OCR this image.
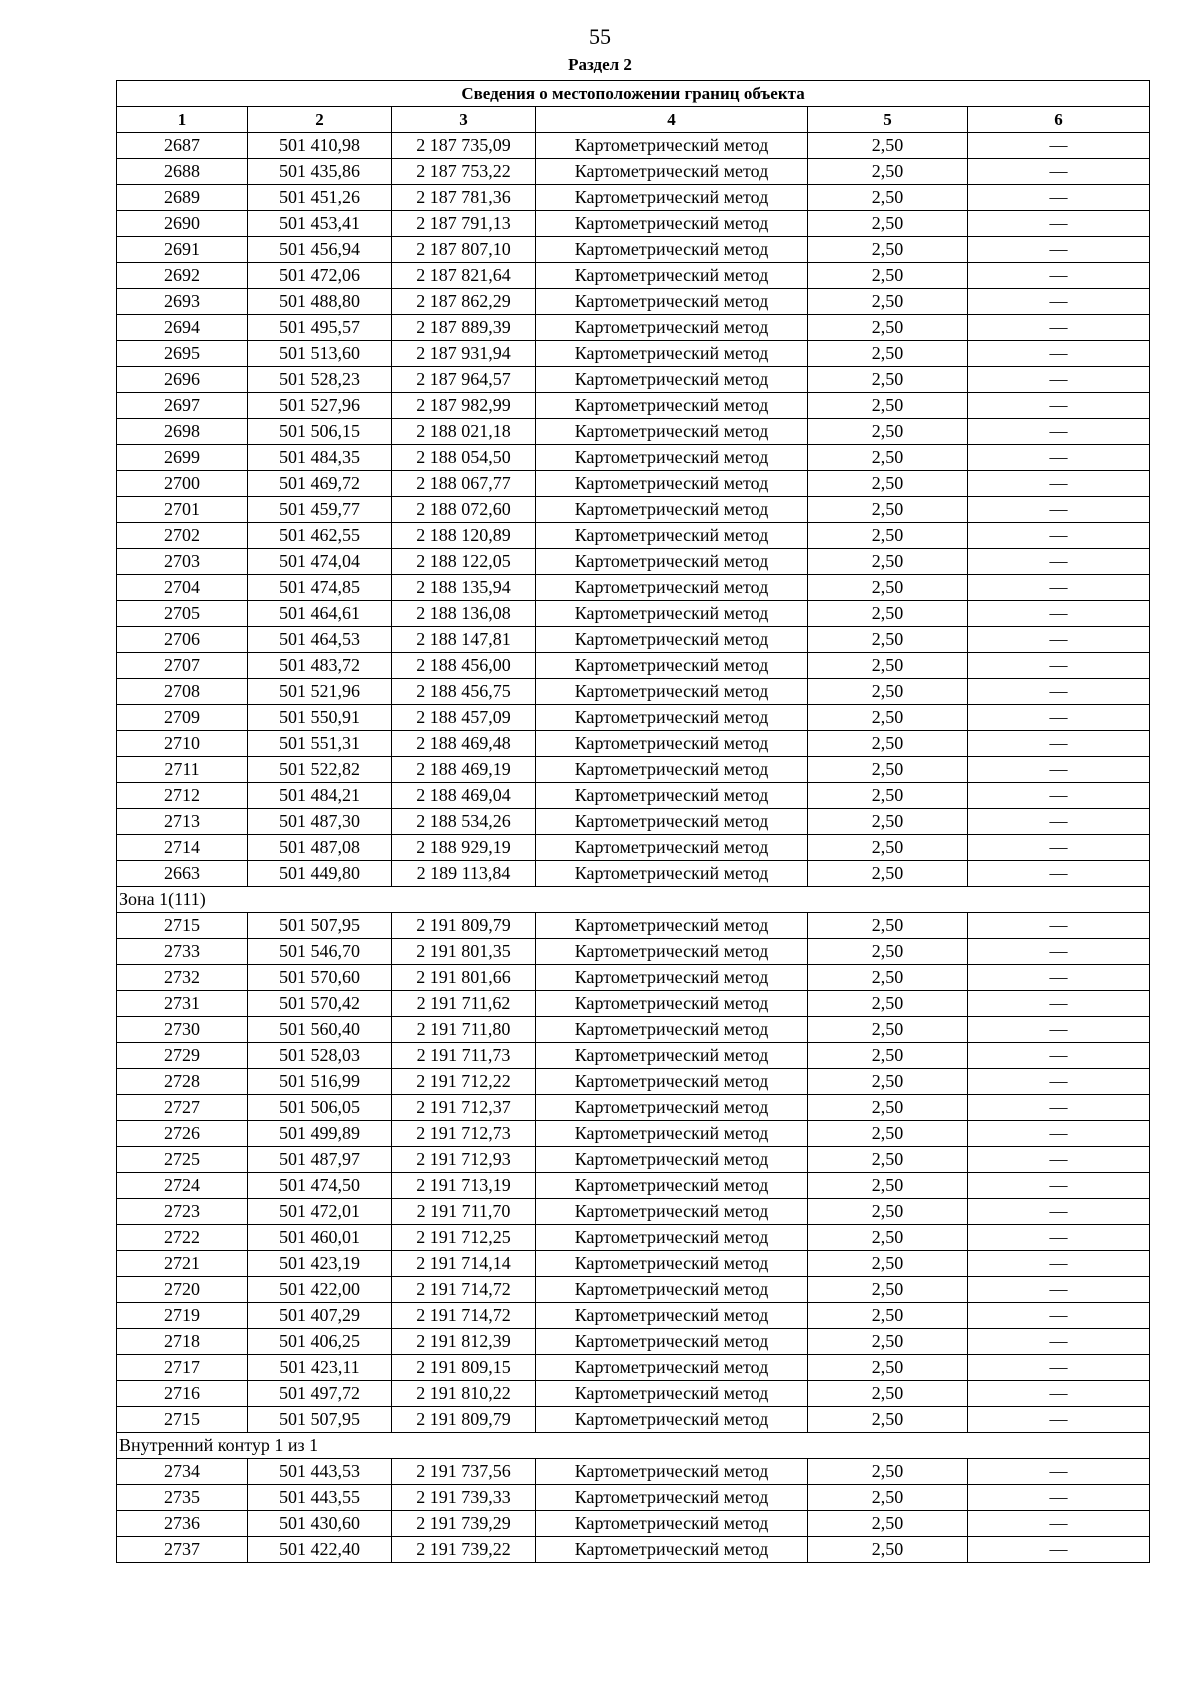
55
Раздел 2
Сведения о местоположении границ объекта					
1	2	3	4	5	6
2687	501 410,98	2 187 735,09	Картометрический метод	2,50	—
2688	501 435,86	2 187 753,22	Картометрический метод	2,50	—
2689	501 451,26	2 187 781,36	Картометрический метод	2,50	—
2690	501 453,41	2 187 791,13	Картометрический метод	2,50	—
2691	501 456,94	2 187 807,10	Картометрический метод	2,50	—
2692	501 472,06	2 187 821,64	Картометрический метод	2,50	—
2693	501 488,80	2 187 862,29	Картометрический метод	2,50	—
2694	501 495,57	2 187 889,39	Картометрический метод	2,50	—
2695	501 513,60	2 187 931,94	Картометрический метод	2,50	—
2696	501 528,23	2 187 964,57	Картометрический метод	2,50	—
2697	501 527,96	2 187 982,99	Картометрический метод	2,50	—
2698	501 506,15	2 188 021,18	Картометрический метод	2,50	—
2699	501 484,35	2 188 054,50	Картометрический метод	2,50	—
2700	501 469,72	2 188 067,77	Картометрический метод	2,50	—
2701	501 459,77	2 188 072,60	Картометрический метод	2,50	—
2702	501 462,55	2 188 120,89	Картометрический метод	2,50	—
2703	501 474,04	2 188 122,05	Картометрический метод	2,50	—
2704	501 474,85	2 188 135,94	Картометрический метод	2,50	—
2705	501 464,61	2 188 136,08	Картометрический метод	2,50	—
2706	501 464,53	2 188 147,81	Картометрический метод	2,50	—
2707	501 483,72	2 188 456,00	Картометрический метод	2,50	—
2708	501 521,96	2 188 456,75	Картометрический метод	2,50	—
2709	501 550,91	2 188 457,09	Картометрический метод	2,50	—
2710	501 551,31	2 188 469,48	Картометрический метод	2,50	—
2711	501 522,82	2 188 469,19	Картометрический метод	2,50	—
2712	501 484,21	2 188 469,04	Картометрический метод	2,50	—
2713	501 487,30	2 188 534,26	Картометрический метод	2,50	—
2714	501 487,08	2 188 929,19	Картометрический метод	2,50	—
2663	501 449,80	2 189 113,84	Картометрический метод	2,50	—
Зона 1(111)					
2715	501 507,95	2 191 809,79	Картометрический метод	2,50	—
2733	501 546,70	2 191 801,35	Картометрический метод	2,50	—
2732	501 570,60	2 191 801,66	Картометрический метод	2,50	—
2731	501 570,42	2 191 711,62	Картометрический метод	2,50	—
2730	501 560,40	2 191 711,80	Картометрический метод	2,50	—
2729	501 528,03	2 191 711,73	Картометрический метод	2,50	—
2728	501 516,99	2 191 712,22	Картометрический метод	2,50	—
2727	501 506,05	2 191 712,37	Картометрический метод	2,50	—
2726	501 499,89	2 191 712,73	Картометрический метод	2,50	—
2725	501 487,97	2 191 712,93	Картометрический метод	2,50	—
2724	501 474,50	2 191 713,19	Картометрический метод	2,50	—
2723	501 472,01	2 191 711,70	Картометрический метод	2,50	—
2722	501 460,01	2 191 712,25	Картометрический метод	2,50	—
2721	501 423,19	2 191 714,14	Картометрический метод	2,50	—
2720	501 422,00	2 191 714,72	Картометрический метод	2,50	—
2719	501 407,29	2 191 714,72	Картометрический метод	2,50	—
2718	501 406,25	2 191 812,39	Картометрический метод	2,50	—
2717	501 423,11	2 191 809,15	Картометрический метод	2,50	—
2716	501 497,72	2 191 810,22	Картометрический метод	2,50	—
2715	501 507,95	2 191 809,79	Картометрический метод	2,50	—
Внутренний контур 1 из 1					
2734	501 443,53	2 191 737,56	Картометрический метод	2,50	—
2735	501 443,55	2 191 739,33	Картометрический метод	2,50	—
2736	501 430,60	2 191 739,29	Картометрический метод	2,50	—
2737	501 422,40	2 191 739,22	Картометрический метод	2,50	—
